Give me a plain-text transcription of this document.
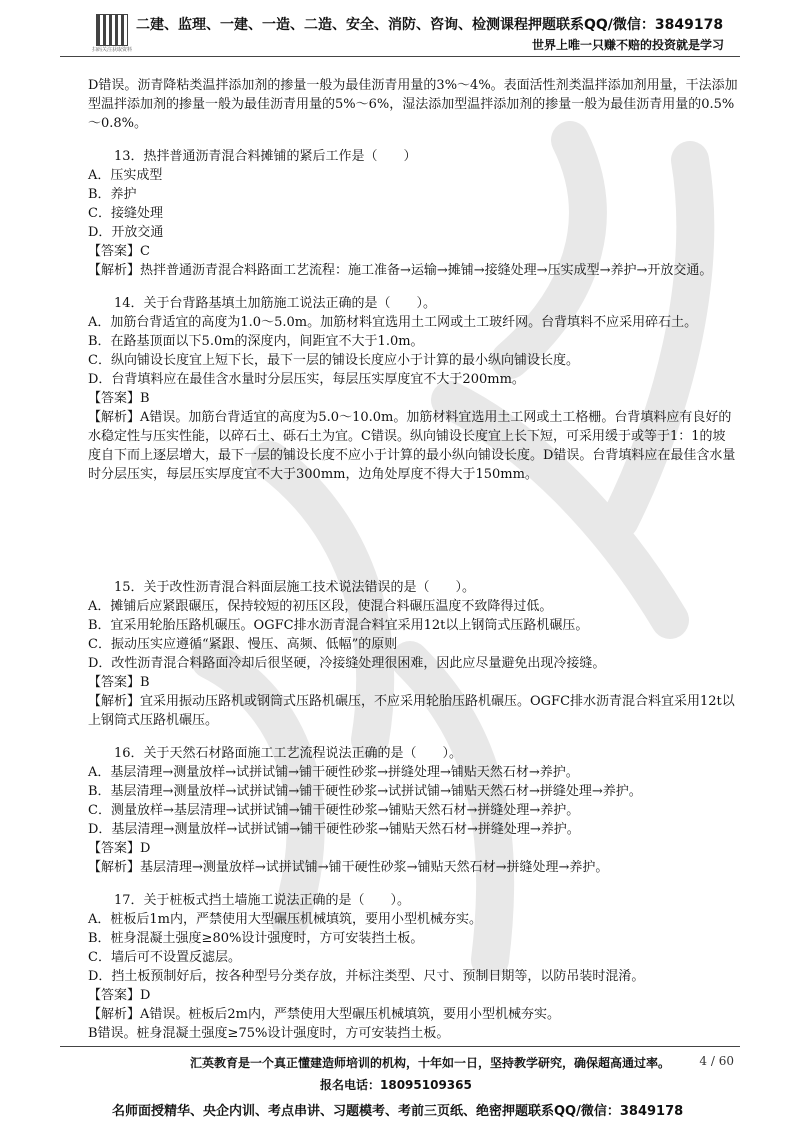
扫码关注获取资料
二建、监理、一建、一造、二造、安全、消防、咨询、检测课程押题联系QQ/微信：3849178
世界上唯一只赚不赔的投资就是学习

D错误。沥青降粘类温拌添加剂的掺量一般为最佳沥青用量的3%～4%。表面活性剂类温拌添加剂用量，干法添加型温拌添加剂的掺量一般为最佳沥青用量的5%～6%，湿法添加型温拌添加剂的掺量一般为最佳沥青用量的0.5%～0.8%。

13．热拌普通沥青混合料摊铺的紧后工作是（　　）

A．压实成型

B．养护

C．接缝处理

D．开放交通

【答案】C

【解析】热拌普通沥青混合料路面工艺流程：施工准备→运输→摊铺→接缝处理→压实成型→养护→开放交通。

14．关于台背路基填土加筋施工说法正确的是（　　）。

A．加筋台背适宜的高度为1.0～5.0m。加筋材料宜选用土工网或土工玻纤网。台背填料不应采用碎石土。

B．在路基顶面以下5.0m的深度内，间距宜不大于1.0m。

C．纵向铺设长度宜上短下长，最下一层的铺设长度应小于计算的最小纵向铺设长度。

D．台背填料应在最佳含水量时分层压实，每层压实厚度宜不大于200mm。

【答案】B

【解析】A错误。加筋台背适宜的高度为5.0～10.0m。加筋材料宜选用土工网或土工格栅。台背填料应有良好的水稳定性与压实性能，以碎石土、砾石土为宜。C错误。纵向铺设长度宜上长下短，可采用缓于或等于1：1的坡度自下而上逐层增大，最下一层的铺设长度不应小于计算的最小纵向铺设长度。D错误。台背填料应在最佳含水量时分层压实，每层压实厚度宜不大于300mm，边角处厚度不得大于150mm。

15．关于改性沥青混合料面层施工技术说法错误的是（　　）。

A．摊铺后应紧跟碾压，保持较短的初压区段，使混合料碾压温度不致降得过低。

B．宜采用轮胎压路机碾压。OGFC排水沥青混合料宜采用12t以上钢筒式压路机碾压。

C．振动压实应遵循“紧跟、慢压、高频、低幅”的原则

D．改性沥青混合料路面冷却后很坚硬，冷接缝处理很困难，因此应尽量避免出现冷接缝。

【答案】B

【解析】宜采用振动压路机或钢筒式压路机碾压，不应采用轮胎压路机碾压。OGFC排水沥青混合料宜采用12t以上钢筒式压路机碾压。

16．关于天然石材路面施工工艺流程说法正确的是（　　）。

A．基层清理→测量放样→试拼试铺→铺干硬性砂浆→拼缝处理→铺贴天然石材→养护。

B．基层清理→测量放样→试拼试铺→铺干硬性砂浆→试拼试铺→铺贴天然石材→拼缝处理→养护。

C．测量放样→基层清理→试拼试铺→铺干硬性砂浆→铺贴天然石材→拼缝处理→养护。

D．基层清理→测量放样→试拼试铺→铺干硬性砂浆→铺贴天然石材→拼缝处理→养护。

【答案】D

【解析】基层清理→测量放样→试拼试铺→铺干硬性砂浆→铺贴天然石材→拼缝处理→养护。

17．关于桩板式挡土墙施工说法正确的是（　　）。

A．桩板后1m内，严禁使用大型碾压机械填筑，要用小型机械夯实。

B．桩身混凝土强度≥80%设计强度时，方可安装挡土板。

C．墙后可不设置反滤层。

D．挡土板预制好后，按各种型号分类存放，并标注类型、尺寸、预制日期等，以防吊装时混淆。

【答案】D

【解析】A错误。桩板后2m内，严禁使用大型碾压机械填筑，要用小型机械夯实。

B错误。桩身混凝土强度≥75%设计强度时，方可安装挡土板。

汇英教育是一个真正懂建造师培训的机构，十年如一日，坚持教学研究，确保超高通过率。 4 / 60
报名电话：18095109365
名师面授精华、央企内训、考点串讲、习题模考、考前三页纸、绝密押题联系QQ/微信：3849178
